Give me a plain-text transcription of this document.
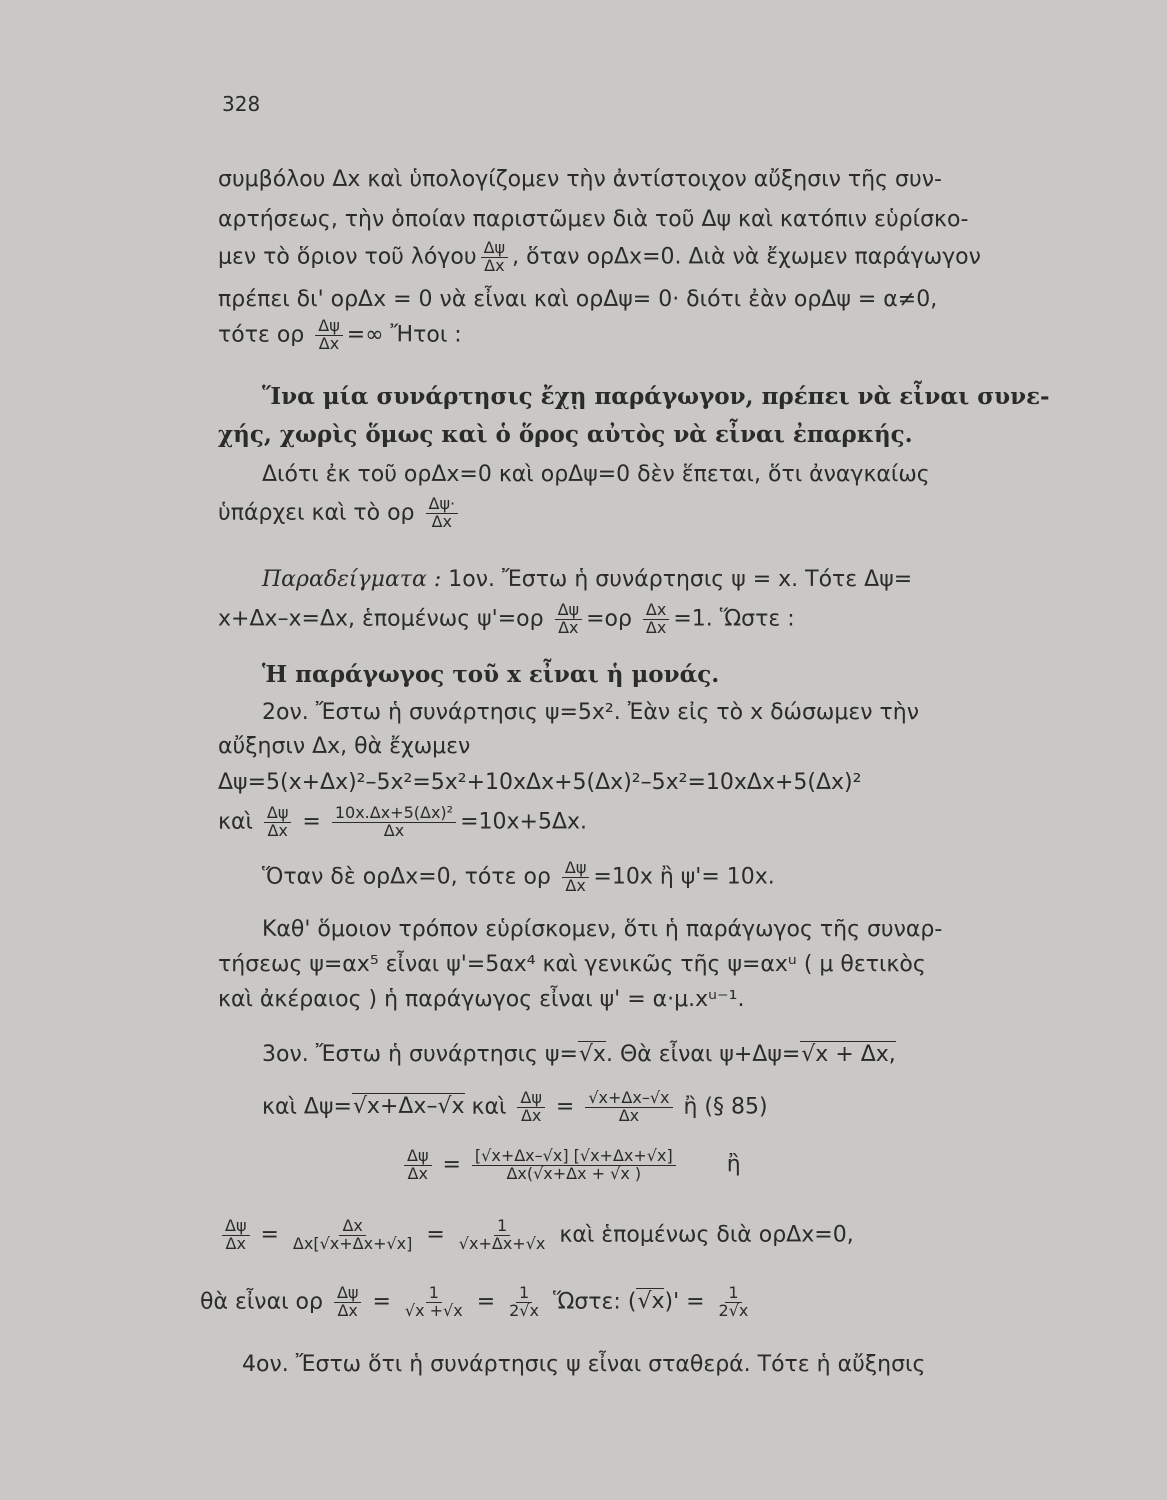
328
συμβόλου Δx καὶ ὑπολογίζομεν τὴν ἀντίστοιχον αὔξησιν τῆς συν-
αρτήσεως, τὴν ὁποίαν παριστῶμεν διὰ τοῦ Δψ καὶ κατόπιν εὑρίσκο-
μεν τὸ ὅριον τοῦ λόγου $\frac{\Delta\psi}{\Delta x}$ , ὅταν ορΔx=0. Διὰ νὰ ἔχωμεν παράγωγον
πρέπει δι' ορΔx = 0 νὰ εἶναι καὶ ορΔψ= 0· διότι ἐὰν ορΔψ = α≠0,
τότε ορ $\frac{\Delta\psi}{\Delta x}$ =∞ Ἤτοι :
Ἵνα μία συνάρτησις ἔχῃ παράγωγον, πρέπει νὰ εἶναι συνε-
χής, χωρὶς ὅμως καὶ ὁ ὅρος αὐτὸς νὰ εἶναι ἐπαρκής.
Διότι ἐκ τοῦ ορΔx=0 καὶ ορΔψ=0 δὲν ἕπεται, ὅτι ἀναγκαίως
ὑπάρχει καὶ τὸ ορ $\frac{\Delta\psi\cdot}{\Delta x}$
Παραδείγματα : 1ον. Ἔστω ἡ συνάρτησις ψ = x. Τότε Δψ=
x+Δx–x=Δx, ἑπομένως $\psi'=o\rho \frac{\Delta\psi}{\Delta x} =o\rho \frac{\Delta x}{\Delta x} =1$. Ὥστε :
Ἡ παράγωγος τοῦ x εἶναι ἡ μονάς.
2ον. Ἔστω ἡ συνάρτησις ψ=5x². Ἐὰν εἰς τὸ x δώσωμεν τὴν
αὔξησιν Δx, θὰ ἔχωμεν
Δψ=5(x+Δx)²–5x²=5x²+10xΔx+5(Δx)²–5x²=10xΔx+5(Δx)²
καὶ $\frac{\Delta\psi}{\Delta x} = \frac{\text{10x.Δx+5(Δx)²}}{\Delta x} =10x+5\Delta x$.
Ὅταν δὲ ορΔx=0, τότε ορ $\frac{\Delta\psi}{\Delta x} =10x$ ἢ ψ'= 10x.
Καθ' ὅμοιον τρόπον εὑρίσκομεν, ὅτι ἡ παράγωγος τῆς συναρ-
τήσεως ψ=αx⁵ εἶναι ψ'=5αx⁴ καὶ γενικῶς τῆς ψ=αxᵘ ( μ θετικὸς
καὶ ἀκέραιος ) ἡ παράγωγος εἶναι ψ' = α·μ.xᵘ⁻¹.
3ον. Ἔστω ἡ συνάρτησις ψ=√x. Θὰ εἶναι ψ+Δψ=√x + Δx,
καὶ Δψ=√x+Δx–√x καὶ $\frac{\Delta\psi}{\Delta x} = \frac{√x+\Delta x-√x}{\Delta x}$ ἢ (§ 85)
$\frac{\Delta\psi}{\Delta x} = \frac{[√x+\Delta x-√x] [√x+\Delta x+√x]}{\Delta x(√x+\Delta x + √x )}$ ἢ
$\frac{\Delta\psi}{\Delta x} = \frac{\Delta x}{\Delta x[√x+\Delta x+√x]} = \frac{1}{√x+\Delta x+√x}$ καὶ ἑπομένως διὰ ορΔx=0,
θὰ εἶναι ορ $\frac{\Delta\psi}{\Delta x} = \frac{1}{√x +√x} = \frac{1}{2√x}$ Ὥστε: $(√x)' = \frac{1}{2√x}$
4ον. Ἔστω ὅτι ἡ συνάρτησις ψ εἶναι σταθερά. Τότε ἡ αὔξησις
